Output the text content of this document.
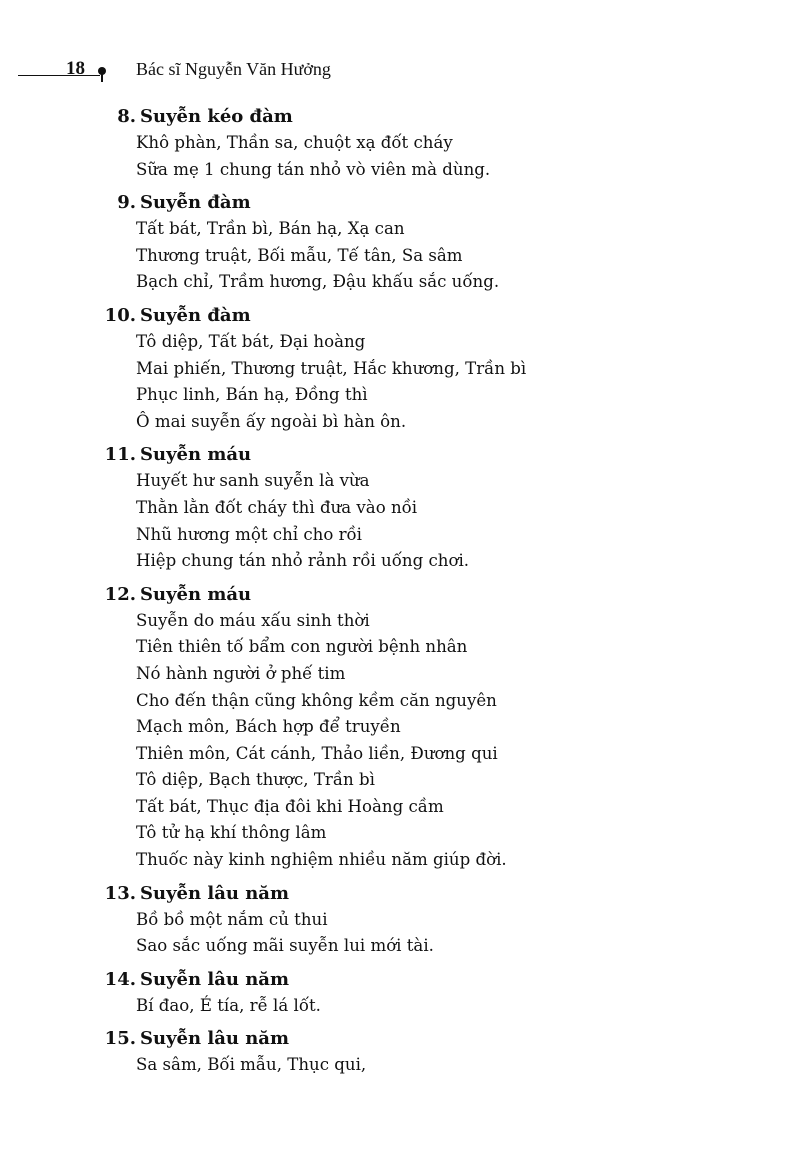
18	Bác sĩ Nguyễn Văn Hưởng
8. Suyễn kéo đàm
Khô phàn, Thần sa, chuột xạ đốt cháy
Sữa mẹ 1 chung tán nhỏ vò viên mà dùng.
9. Suyễn đàm
Tất bát, Trần bì, Bán hạ, Xạ can
Thương truật, Bối mẫu, Tế tân, Sa sâm
Bạch chỉ, Trầm hương, Đậu khấu sắc uống.
10. Suyễn đàm
Tô diệp, Tất bát, Đại hoàng
Mai phiến, Thương truật, Hắc khương, Trần bì
Phục linh, Bán hạ, Đồng thì
Ô mai suyễn ấy ngoài bì hàn ôn.
11. Suyễn máu
Huyết hư sanh suyễn là vừa
Thằn lằn đốt cháy thì đưa vào nồi
Nhũ hương một chỉ cho rồi
Hiệp chung tán nhỏ rảnh rồi uống chơi.
12. Suyễn máu
Suyễn do máu xấu sinh thời
Tiên thiên tố bẩm con người bệnh nhân
Nó hành người ở phế tim
Cho đến thận cũng không kềm căn nguyên
Mạch môn, Bách hợp để truyền
Thiên môn, Cát cánh, Thảo liền, Đương qui
Tô diệp, Bạch thược, Trần bì
Tất bát, Thục địa đôi khi Hoàng cầm
Tô tử hạ khí thông lâm
Thuốc này kinh nghiệm nhiều năm giúp đời.
13. Suyễn lâu năm
Bồ bồ một nắm củ thui
Sao sắc uống mãi suyễn lui mới tài.
14. Suyễn lâu năm
Bí đao, É tía, rễ lá lốt.
15. Suyễn lâu năm
Sa sâm, Bối mẫu, Thục qui,
